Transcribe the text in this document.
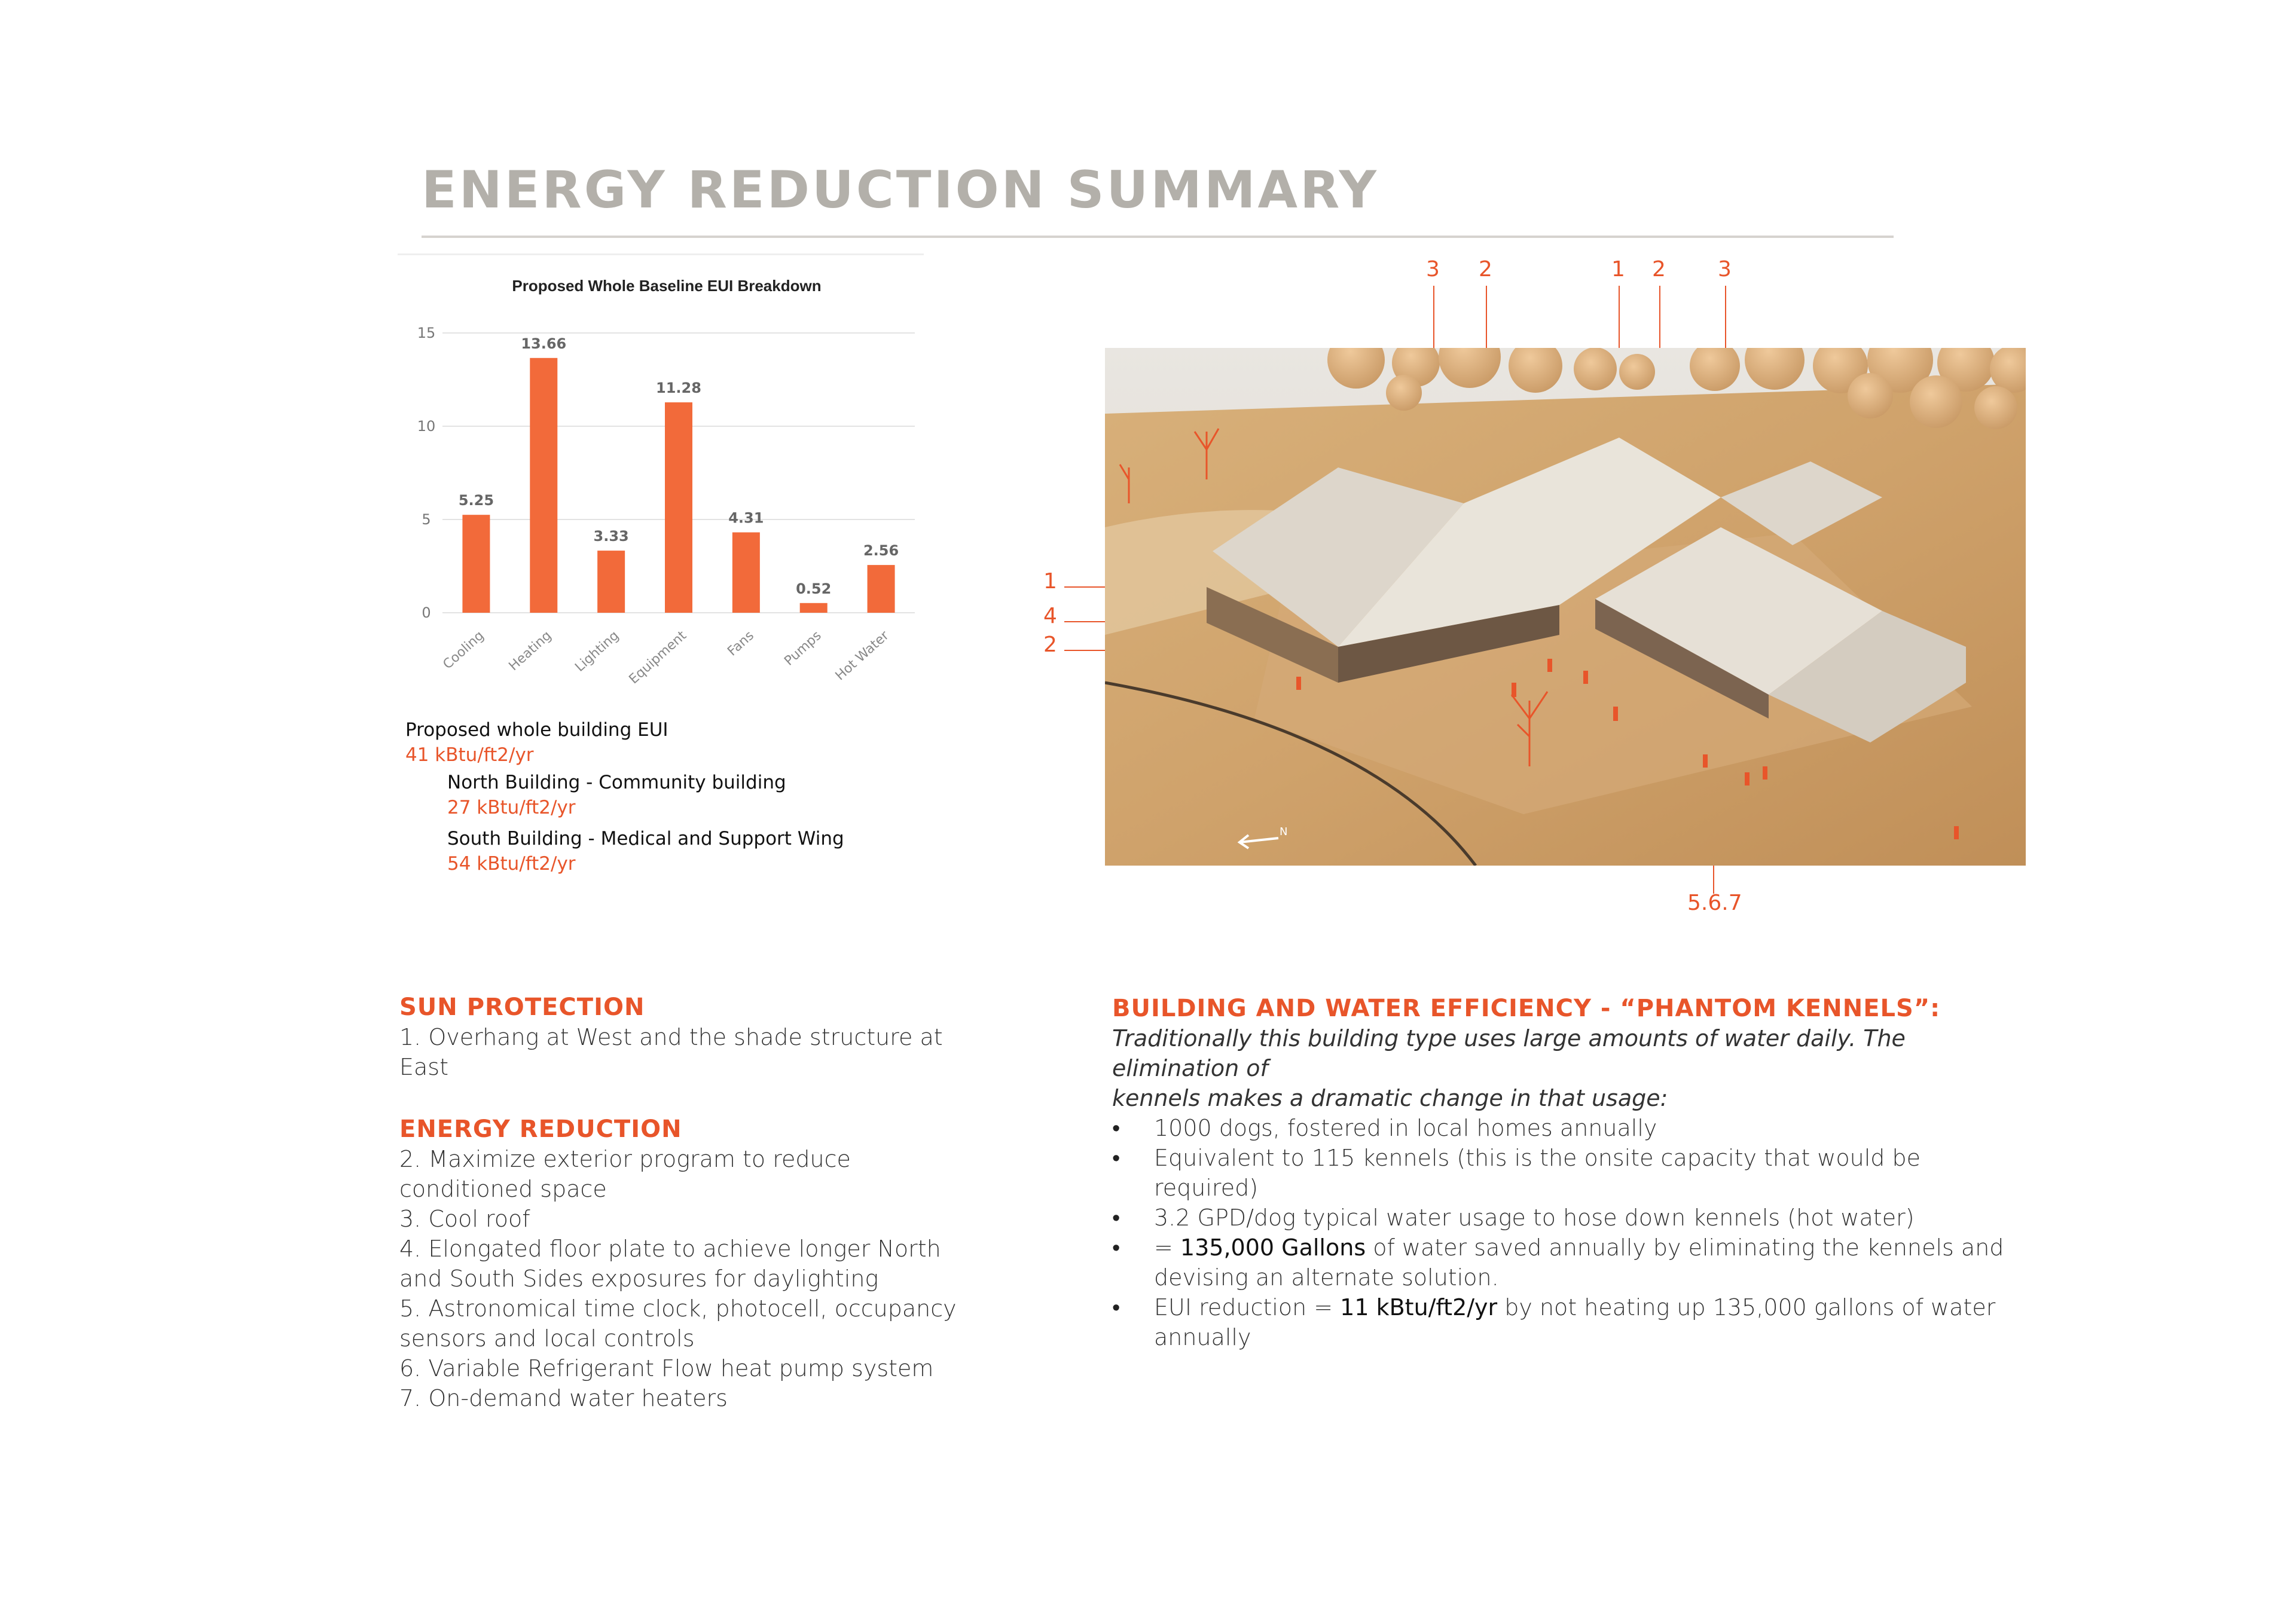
ENERGY REDUCTION SUMMARY
Proposed Whole Baseline EUI Breakdown
0
5
10
15
5.25
Cooling
13.66
Heating
3.33
Lighting
11.28
Equipment
4.31
Fans
0.52
Pumps
2.56
Hot Water
Proposed whole building EUI
41 kBtu/ft2/yr
North Building - Community building
27 kBtu/ft2/yr
South Building - Medical and Support Wing
54 kBtu/ft2/yr
N
3 2	1 2 3
1
4
2
5.6.7
SUN PROTECTION
1. Overhang at West and the shade structure at
East
ENERGY REDUCTION
2. Maximize exterior program to reduce
conditioned space
3. Cool roof
4. Elongated floor plate to achieve longer North
and South Sides exposures for daylighting
5. Astronomical time clock, photocell, occupancy
sensors and local controls
6. Variable Refrigerant Flow heat pump system
7. On-demand water heaters
BUILDING AND WATER EFFICIENCY - “PHANTOM KENNELS”:
Traditionally this building type uses large amounts of water daily. The elimination of
kennels makes a dramatic change in that usage:
• 1000 dogs, fostered in local homes annually
• Equivalent to 115 kennels (this is the onsite capacity that would be required)
• 3.2 GPD/dog typical water usage to hose down kennels (hot water)
• = 135,000 Gallons of water saved annually by eliminating the kennels and
devising an alternate solution.
• EUI reduction = 11 kBtu/ft2/yr by not heating up 135,000 gallons of water
annually
